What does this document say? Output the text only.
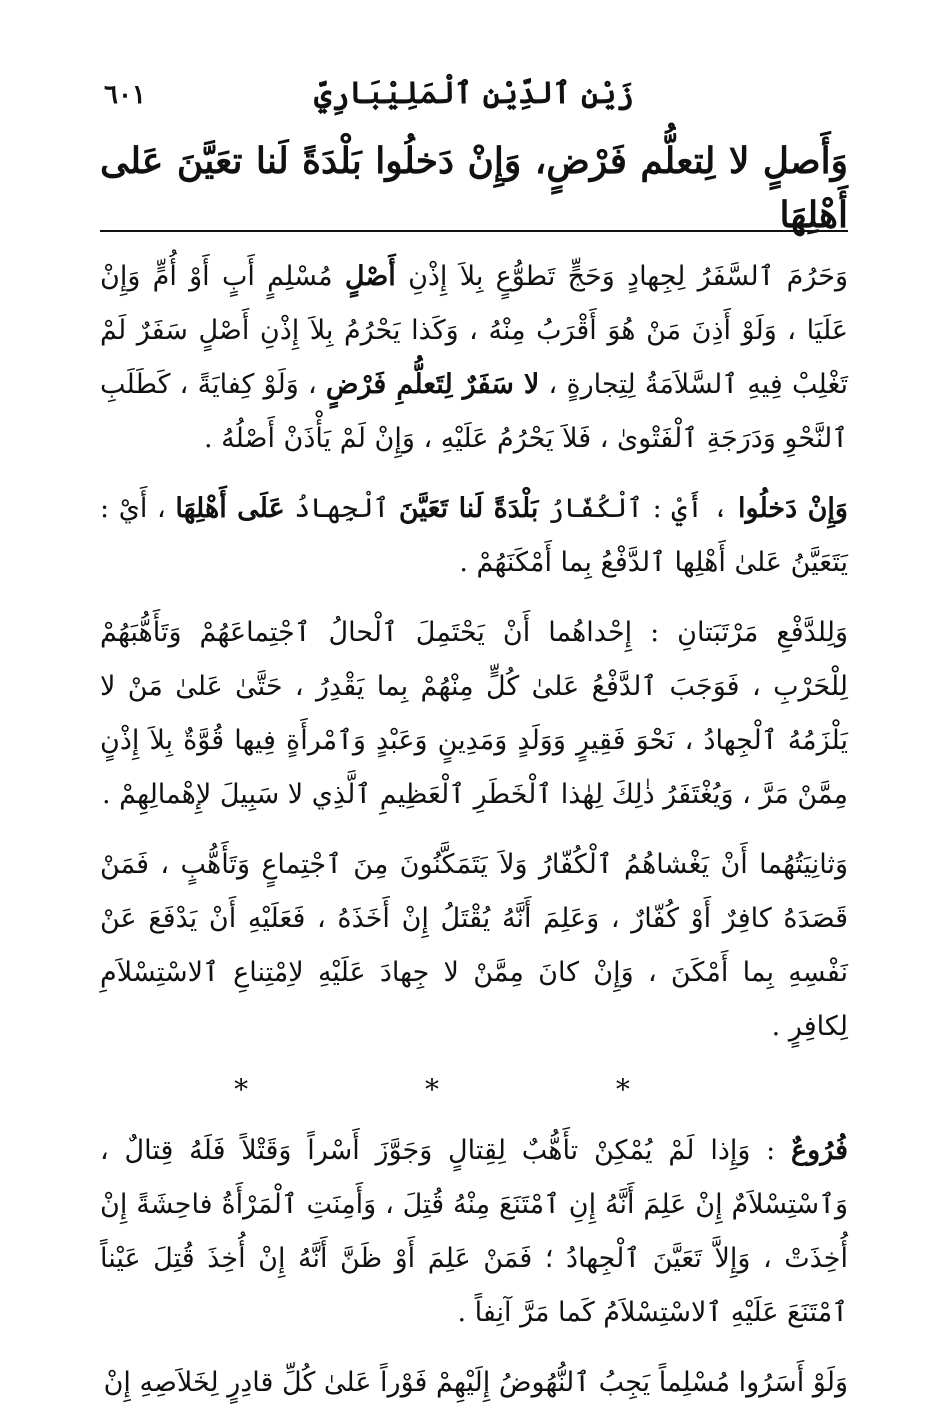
زَيْنِ ٱلدِّيْنِ ٱلْمَلِيْبَارِيِّ
٦٠١
وَأَصلٍ لا لِتعلُّم فَرْضٍ، وَإِنْ دَخلُوا بَلْدَةً لَنا تعَيَّنَ عَلى أَهْلِهَا

وَحَرُمَ ٱلسَّفَرُ لِجِهادٍ وَحَجٍّ تَطوُّعٍ بِلاَ إِذْنِ أَصْلٍ مُسْلِمٍ أَبٍ أَوْ أُمٍّ وَإِنْ عَلَيَا ، وَلَوْ أَذِنَ مَنْ هُوَ أَقْرَبُ مِنْهُ ، وَكَذا يَحْرُمُ بِلاَ إِذْنِ أَصْلٍ سَفَرٌ لَمْ تَغْلِبْ فِيهِ ٱلسَّلاَمَةُ لِتِجارةٍ ، لا سَفَرٌ لِتَعلُّمِ فَرْضٍ ، وَلَوْ كِفايَةً ، كَطَلَبِ ٱلنَّحْوِ وَدَرَجَةِ ٱلْفَتْوىٰ ، فَلاَ يَحْرُمُ عَلَيْهِ ، وَإِنْ لَمْ يَأْذَنْ أَصْلُهُ .

وَإِنْ دَخلُوا ، أَيْ : ٱلْكُفّارُ بَلْدَةً لَنا تَعَيَّنَ ٱلْجِهادُ عَلَى أَهْلِهَا ، أَيْ : يَتَعَيَّنُ عَلىٰ أَهْلِها ٱلدَّفْعُ بِما أَمْكَنَهُمْ .

وَلِلدَّفْعِ مَرْتَبَتانِ : إِحْداهُما أَنْ يَحْتَمِلَ ٱلْحالُ ٱجْتِماعَهُمْ وَتَأَهُّبَهُمْ لِلْحَرْبِ ، فَوَجَبَ ٱلدَّفْعُ عَلىٰ كُلٍّ مِنْهُمْ بِما يَقْدِرُ ، حَتَّىٰ عَلىٰ مَنْ لا يَلْزَمُهُ ٱلْجِهادُ ، نَحْوَ فَقِيرٍ وَوَلَدٍ وَمَدِينٍ وَعَبْدٍ وَٱمْرأَةٍ فِيها قُوَّةٌ بِلاَ إِذْنٍ مِمَّنْ مَرَّ ، وَيُغْتَفَرُ ذٰلِكَ لِهٰذا ٱلْخَطَرِ ٱلْعَظِيمِ ٱلَّذِي لا سَبِيلَ لإِهْمالِهِمْ .

وَثانِيَتُهُما أَنْ يَغْشاهُمُ ٱلْكُفّارُ وَلاَ يَتَمَكَّنُونَ مِنَ ٱجْتِماعٍ وَتَأَهُّبٍ ، فَمَنْ قَصَدَهُ كافِرٌ أَوْ كُفّارٌ ، وَعَلِمَ أَنَّهُ يُقْتَلُ إِنْ أَخَذَهُ ، فَعَلَيْهِ أَنْ يَدْفَعَ عَنْ نَفْسِهِ بِما أَمْكَنَ ، وَإِنْ كانَ مِمَّنْ لا جِهادَ عَلَيْهِ لاِمْتِناعِ ٱلاسْتِسْلاَمِ لِكافِرٍ .

* * *

فُرُوعٌ : وَإِذا لَمْ يُمْكِنْ تأَهُّبٌ لِقِتالٍ وَجَوَّزَ أَسْراً وَقَتْلاً فَلَهُ قِتالٌ ، وَٱسْتِسْلاَمٌ إِنْ عَلِمَ أَنَّهُ إِنِ ٱمْتَنَعَ مِنْهُ قُتِلَ ، وَأَمِنَتِ ٱلْمَرْأَةُ فاحِشَةً إِنْ أُخِذَتْ ، وَإِلاَّ تَعَيَّنَ ٱلْجِهادُ ؛ فَمَنْ عَلِمَ أَوْ ظَنَّ أَنَّهُ إِنْ أُخِذَ قُتِلَ عَيْناً ٱمْتَنَعَ عَلَيْهِ ٱلاسْتِسْلاَمُ كَما مَرَّ آنِفاً .

وَلَوْ أَسَرُوا مُسْلِماً يَجِبُ ٱلنُّهُوضُ إِلَيْهِمْ فَوْراً عَلىٰ كُلِّ قادِرٍ لِخَلاَصِهِ إِنْ
